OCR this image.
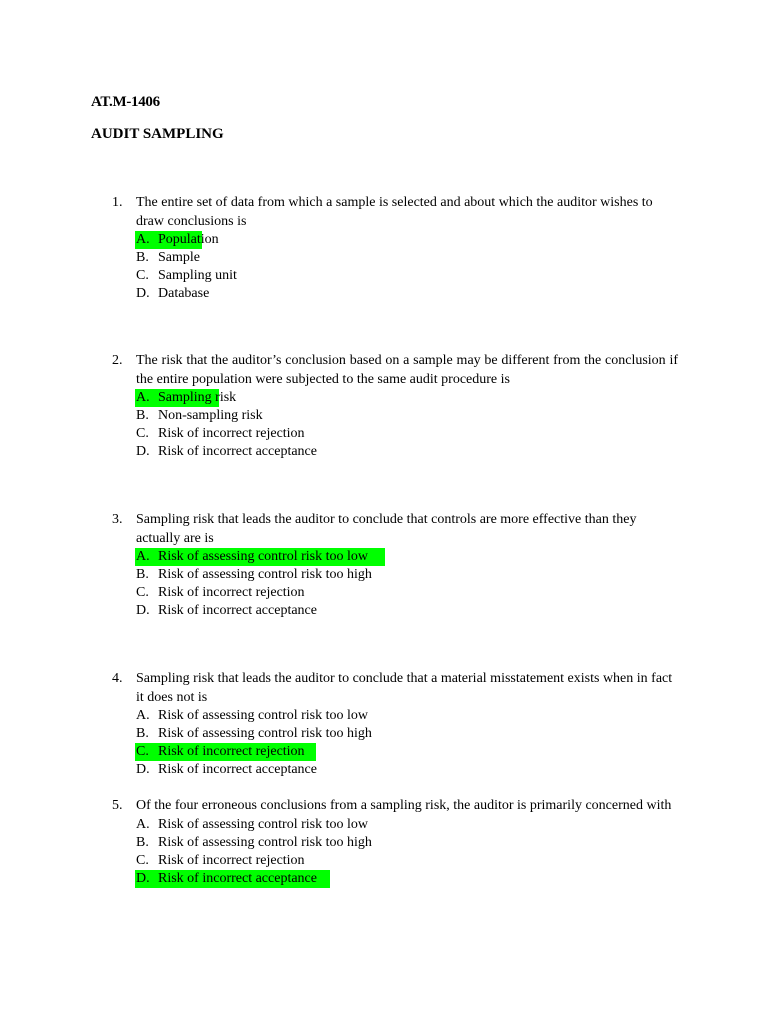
AT.M-1406
AUDIT SAMPLING
1. The entire set of data from which a sample is selected and about which the auditor wishes to draw conclusions is
A. Population
B. Sample
C. Sampling unit
D. Database
2. The risk that the auditor’s conclusion based on a sample may be different from the conclusion if the entire population were subjected to the same audit procedure is
A. Sampling risk
B. Non-sampling risk
C. Risk of incorrect rejection
D. Risk of incorrect acceptance
3. Sampling risk that leads the auditor to conclude that controls are more effective than they actually are is
A. Risk of assessing control risk too low
B. Risk of assessing control risk too high
C. Risk of incorrect rejection
D. Risk of incorrect acceptance
4. Sampling risk that leads the auditor to conclude that a material misstatement exists when in fact it does not is
A. Risk of assessing control risk too low
B. Risk of assessing control risk too high
C. Risk of incorrect rejection
D. Risk of incorrect acceptance
5. Of the four erroneous conclusions from a sampling risk, the auditor is primarily concerned with
A. Risk of assessing control risk too low
B. Risk of assessing control risk too high
C. Risk of incorrect rejection
D. Risk of incorrect acceptance
